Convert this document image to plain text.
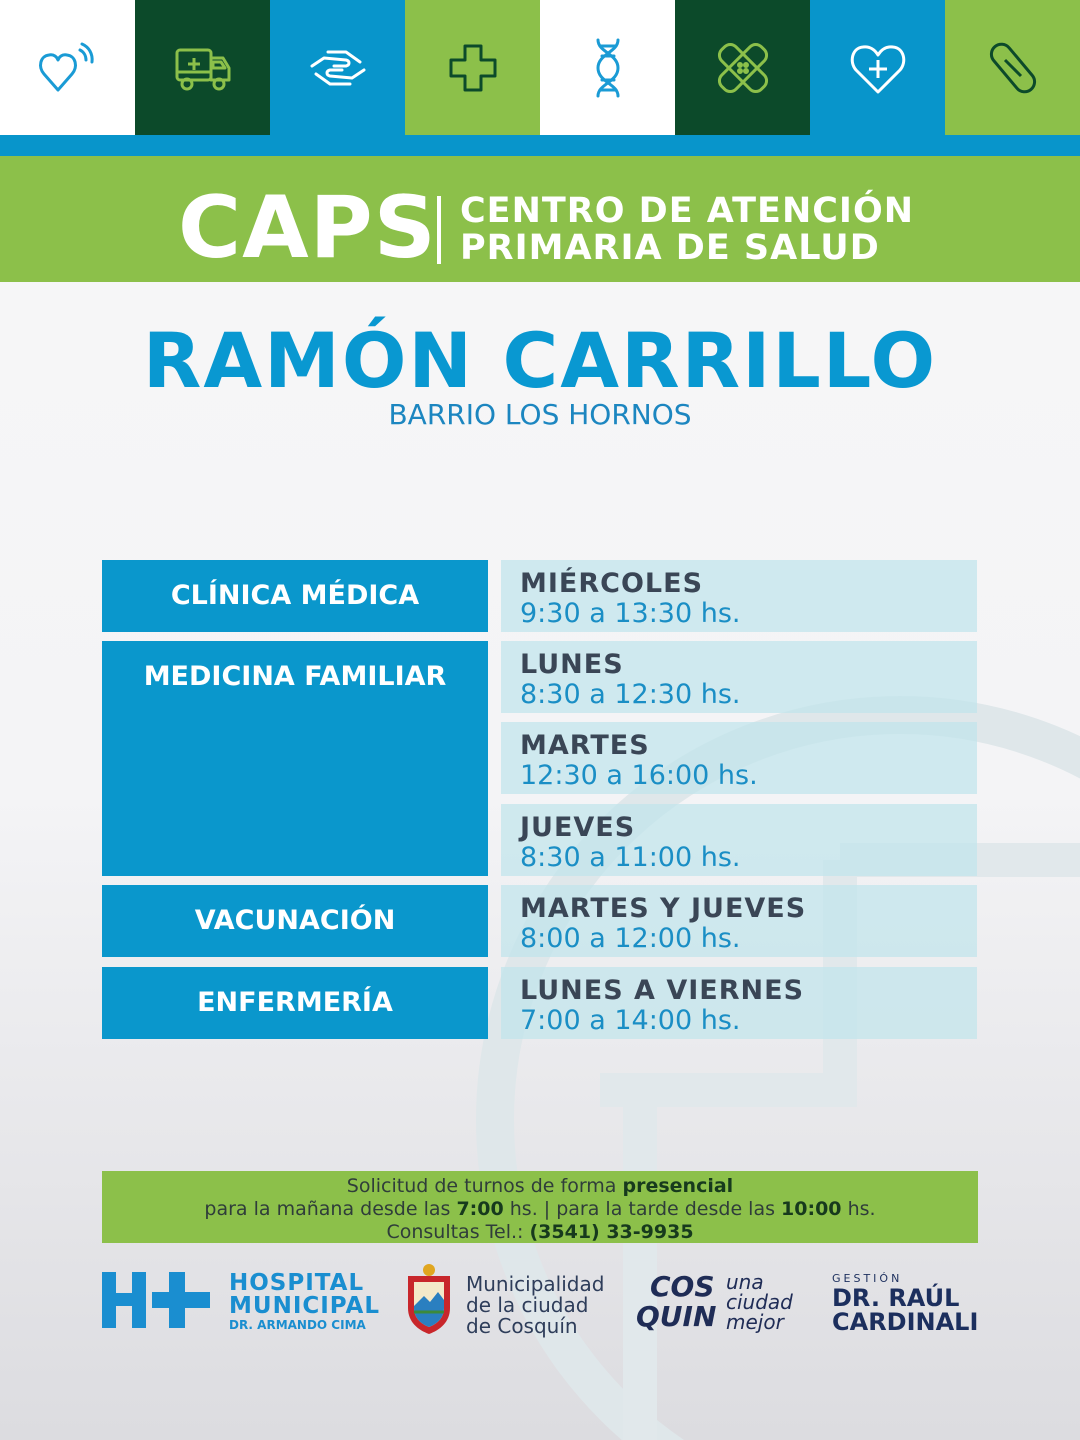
CAPS CENTRO DE ATENCIÓN
PRIMARIA DE SALUD
RAMÓN CARRILLO
BARRIO LOS HORNOS
CLÍNICA MÉDICA
MEDICINA FAMILIAR
VACUNACIÓN
ENFERMERÍA
MIÉRCOLES
9:30 a 13:30 hs.
LUNES
8:30 a 12:30 hs.
MARTES
12:30 a 16:00 hs.
JUEVES
8:30 a 11:00 hs.
MARTES Y JUEVES
8:00 a 12:00 hs.
LUNES A VIERNES
7:00 a 14:00 hs.
Solicitud de turnos de forma presencial
para la mañana desde las 7:00 hs. | para la tarde desde las 10:00 hs.
Consultas Tel.: (3541) 33-9935
HOSPITAL
MUNICIPAL
DR. ARMANDO CIMA
Municipalidad
de la ciudad
de Cosquín
COS
QUIN
una
ciudad
mejor
GESTIÓN
DR. RAÚL
CARDINALI
